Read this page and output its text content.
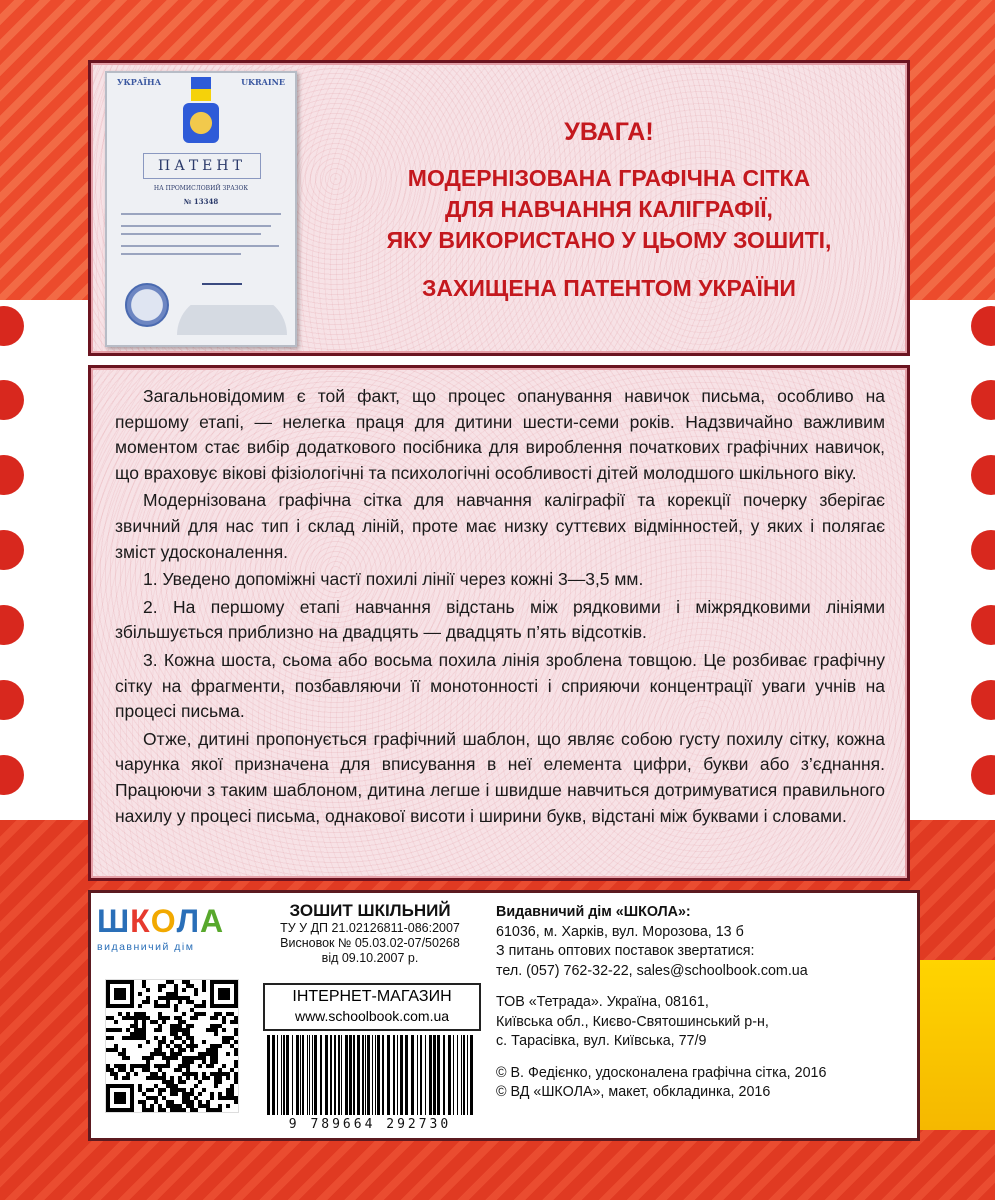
УКРАЇНА	UKRAINE
ПАТЕНТ
НА ПРОМИСЛОВИЙ ЗРАЗОК
№ 13348
УВАГА!
МОДЕРНІЗОВАНА ГРАФІЧНА СІТКА
ДЛЯ НАВЧАННЯ КАЛІГРАФІЇ,
ЯКУ ВИКОРИСТАНО У ЦЬОМУ ЗОШИТІ,
ЗАХИЩЕНА ПАТЕНТОМ УКРАЇНИ

Загальновідомим є той факт, що процес опанування навичок письма, особливо на першому етапі, — нелегка праця для дитини шести-семи років. Надзвичайно важливим моментом стає вибір додаткового посібника для вироблення початкових графічних навичок, що враховує вікові фізіологічні та психологічні особливості дітей молодшого шкільного віку.

Модернізована графічна сітка для навчання каліграфії та корекції почерку зберігає звичний для нас тип і склад ліній, проте має низку суттєвих відмінностей, у яких і полягає зміст удосконалення.

1. Уведено допоміжні частї похилі лінії через кожні 3—3,5 мм.

2. На першому етапі навчання відстань між рядковими і міжрядковими лініями збільшується приблизно на двадцять — двадцять п’ять відсотків.

3. Кожна шоста, сьома або восьма похила лінія зроблена товщою. Це розбиває графічну сітку на фрагменти, позбавляючи її монотонності і сприяючи концентрації уваги учнів на процесі письма.

Отже, дитині пропонується графічний шаблон, що являє собою густу похилу сітку, кожна чарунка якої призначена для вписування в неї елемента цифри, букви або з’єднання. Працюючи з таким шаблоном, дитина легше і швидше навчиться дотримуватися правильного нахилу у процесі письма, однакової висоти і ширини букв, відстані між буквами і словами.

ШКОЛА
видавничий дім
ЗОШИТ ШКІЛЬНИЙ
ТУ У ДП 21.02126811-086:2007
Висновок № 05.03.02-07/50268
від 09.10.2007 р.
ІНТЕРНЕТ-МАГАЗИН
www.schoolbook.com.ua
9 789664 292730
Видавничий дім «ШКОЛА»:
61036, м. Харків, вул. Морозова, 13 б
З питань оптових поставок звертатися:
тел. (057) 762-32-22, sales@schoolbook.com.ua
ТОВ «Тетрада». Україна, 08161,
Київська обл., Києво-Святошинський р-н,
с. Тарасівка, вул. Київська, 77/9
© В. Федієнко, удосконалена графічна сітка, 2016
© ВД «ШКОЛА», макет, обкладинка, 2016
